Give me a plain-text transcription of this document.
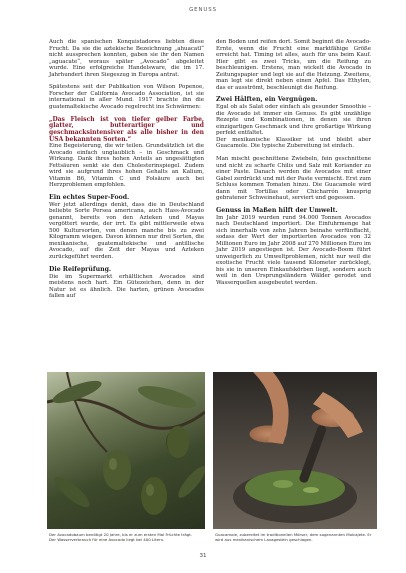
GENUSS

Auch die spanischen Konquistadores liebten diese Frucht. Da sie die aztekische Bezeichnung „ahuacatl“ nicht aussprechen konnten, gaben sie ihr den Namen „aguacate“, woraus später „Avocado“ abgeleitet wurde. Eine erfolgreiche Handelsware, die im 17. Jahrhundert ihren Siegeszug in Europa antrat.

Spätestens seit der Publikation von Wilson Popenoe, Forscher der California Avocado Association, ist sie international in aller Mund. 1917 brachte ihn die guatemaltekische Avocado regelrecht ins Schwärmen:

„Das Fleisch ist von tiefer gelber Farbe, glatter, butterartiger und geschmacksintensiver als alle bisher in den USA bekannten Sorten.“

Eine Begeisterung, die wir teilen. Grundsätzlich ist die Avocado einfach unglaublich – in Geschmack und Wirkung. Dank ihres hohen Anteils an ungesättigten Fettsäuren senkt sie den Cholesterinspiegel. Zudem wird sie aufgrund ihres hohen Gehalts an Kalium, Vitamin B6, Vitamin C und Folsäure auch bei Herzproblemen empfohlen.

Ein echtes Super-Food.

Wer jetzt allerdings denkt, dass die in Deutschland beliebte Sorte Persea americana, auch Hass-Avocado genannt, bereits von den Azteken und Mayas vergöttert wurde, der irrt. Es gibt mittlerweile etwa 500 Kultursorten, von denen manche bis zu zwei Kilogramm wiegen. Davon können nur drei Sorten, die mexikanische, guatemaltekische und antillische Avocado, auf die Zeit der Mayas und Azteken zurückgeführt werden.

Die Reifeprüfung.

Die im Supermarkt erhältlichen Avocados sind meistens noch hart. Ein Gütezeichen, denn in der Natur ist es ähnlich. Die harten, grünen Avocados fallen auf

den Boden und reifen dort. Somit beginnt die Avocado-Ernte, wenn die Frucht eine marktfähige Größe erreicht hat. Timing ist alles, auch für uns beim Kauf. Hier gibt es zwei Tricks, um die Reifung zu beschleunigen. Erstens, man wickelt die Avocado in Zeitungspapier und legt sie auf die Heizung. Zweitens, man legt sie direkt neben einen Apfel. Das Ethylen, das er ausströmt, beschleunigt die Reifung.

Zwei Hälften, ein Vergnügen.

Egal ob als Salat oder einfach als gesunder Smoothie – die Avocado ist immer ein Genuss. Es gibt unzählige Rezepte und Kombinationen, in denen sie ihren einzigartigen Geschmack und ihre großartige Wirkung perfekt entfaltet.

Der mexikanische Klassiker ist und bleibt aber Guacamole. Die typische Zubereitung ist einfach.

Man mischt geschnittene Zwiebeln, fein geschnittene und nicht zu scharfe Chilis und Salz mit Koriander zu einer Paste. Danach werden die Avocados mit einer Gabel zerdrückt und mit der Paste vermischt. Erst zum Schluss kommen Tomaten hinzu. Die Guacamole wird dann mit Tortillas oder Chicharrón knusprig gebratener Schweinehaut, serviert und gegessen.

Genuss in Maßen hilft der Umwelt.

Im Jahr 2019 wurden rund 94.000 Tonnen Avocados nach Deutschland importiert. Die Einfuhrmenge hat sich innerhalb von zehn Jahren beinahe verfünffacht, sodass der Wert der importierten Avocados von 32 Millionen Euro im Jahr 2008 auf 270 Millionen Euro im Jahr 2019 angestiegen ist. Der Avocado-Boom führt unweigerlich zu Umweltproblemen, nicht nur weil die exotische Frucht viele tausend Kilometer zurücklegt, bis sie in unseren Einkaufskörben liegt, sondern auch weil in den Ursprungsländern Wälder gerodet und Wasserquellen ausgebeutet werden.

Der Avocadobaum benötigt 20 Jahre, bis er zum ersten Mal Früchte trägt. Der Wasserverbrauch für eine Avocado liegt bei 400 Litern.
Guacamole, zubereitet im traditionellen Mörser, dem sogenannten Molcajete. Er wird aus mexikanischem Lavagestein geschlagen.
31
